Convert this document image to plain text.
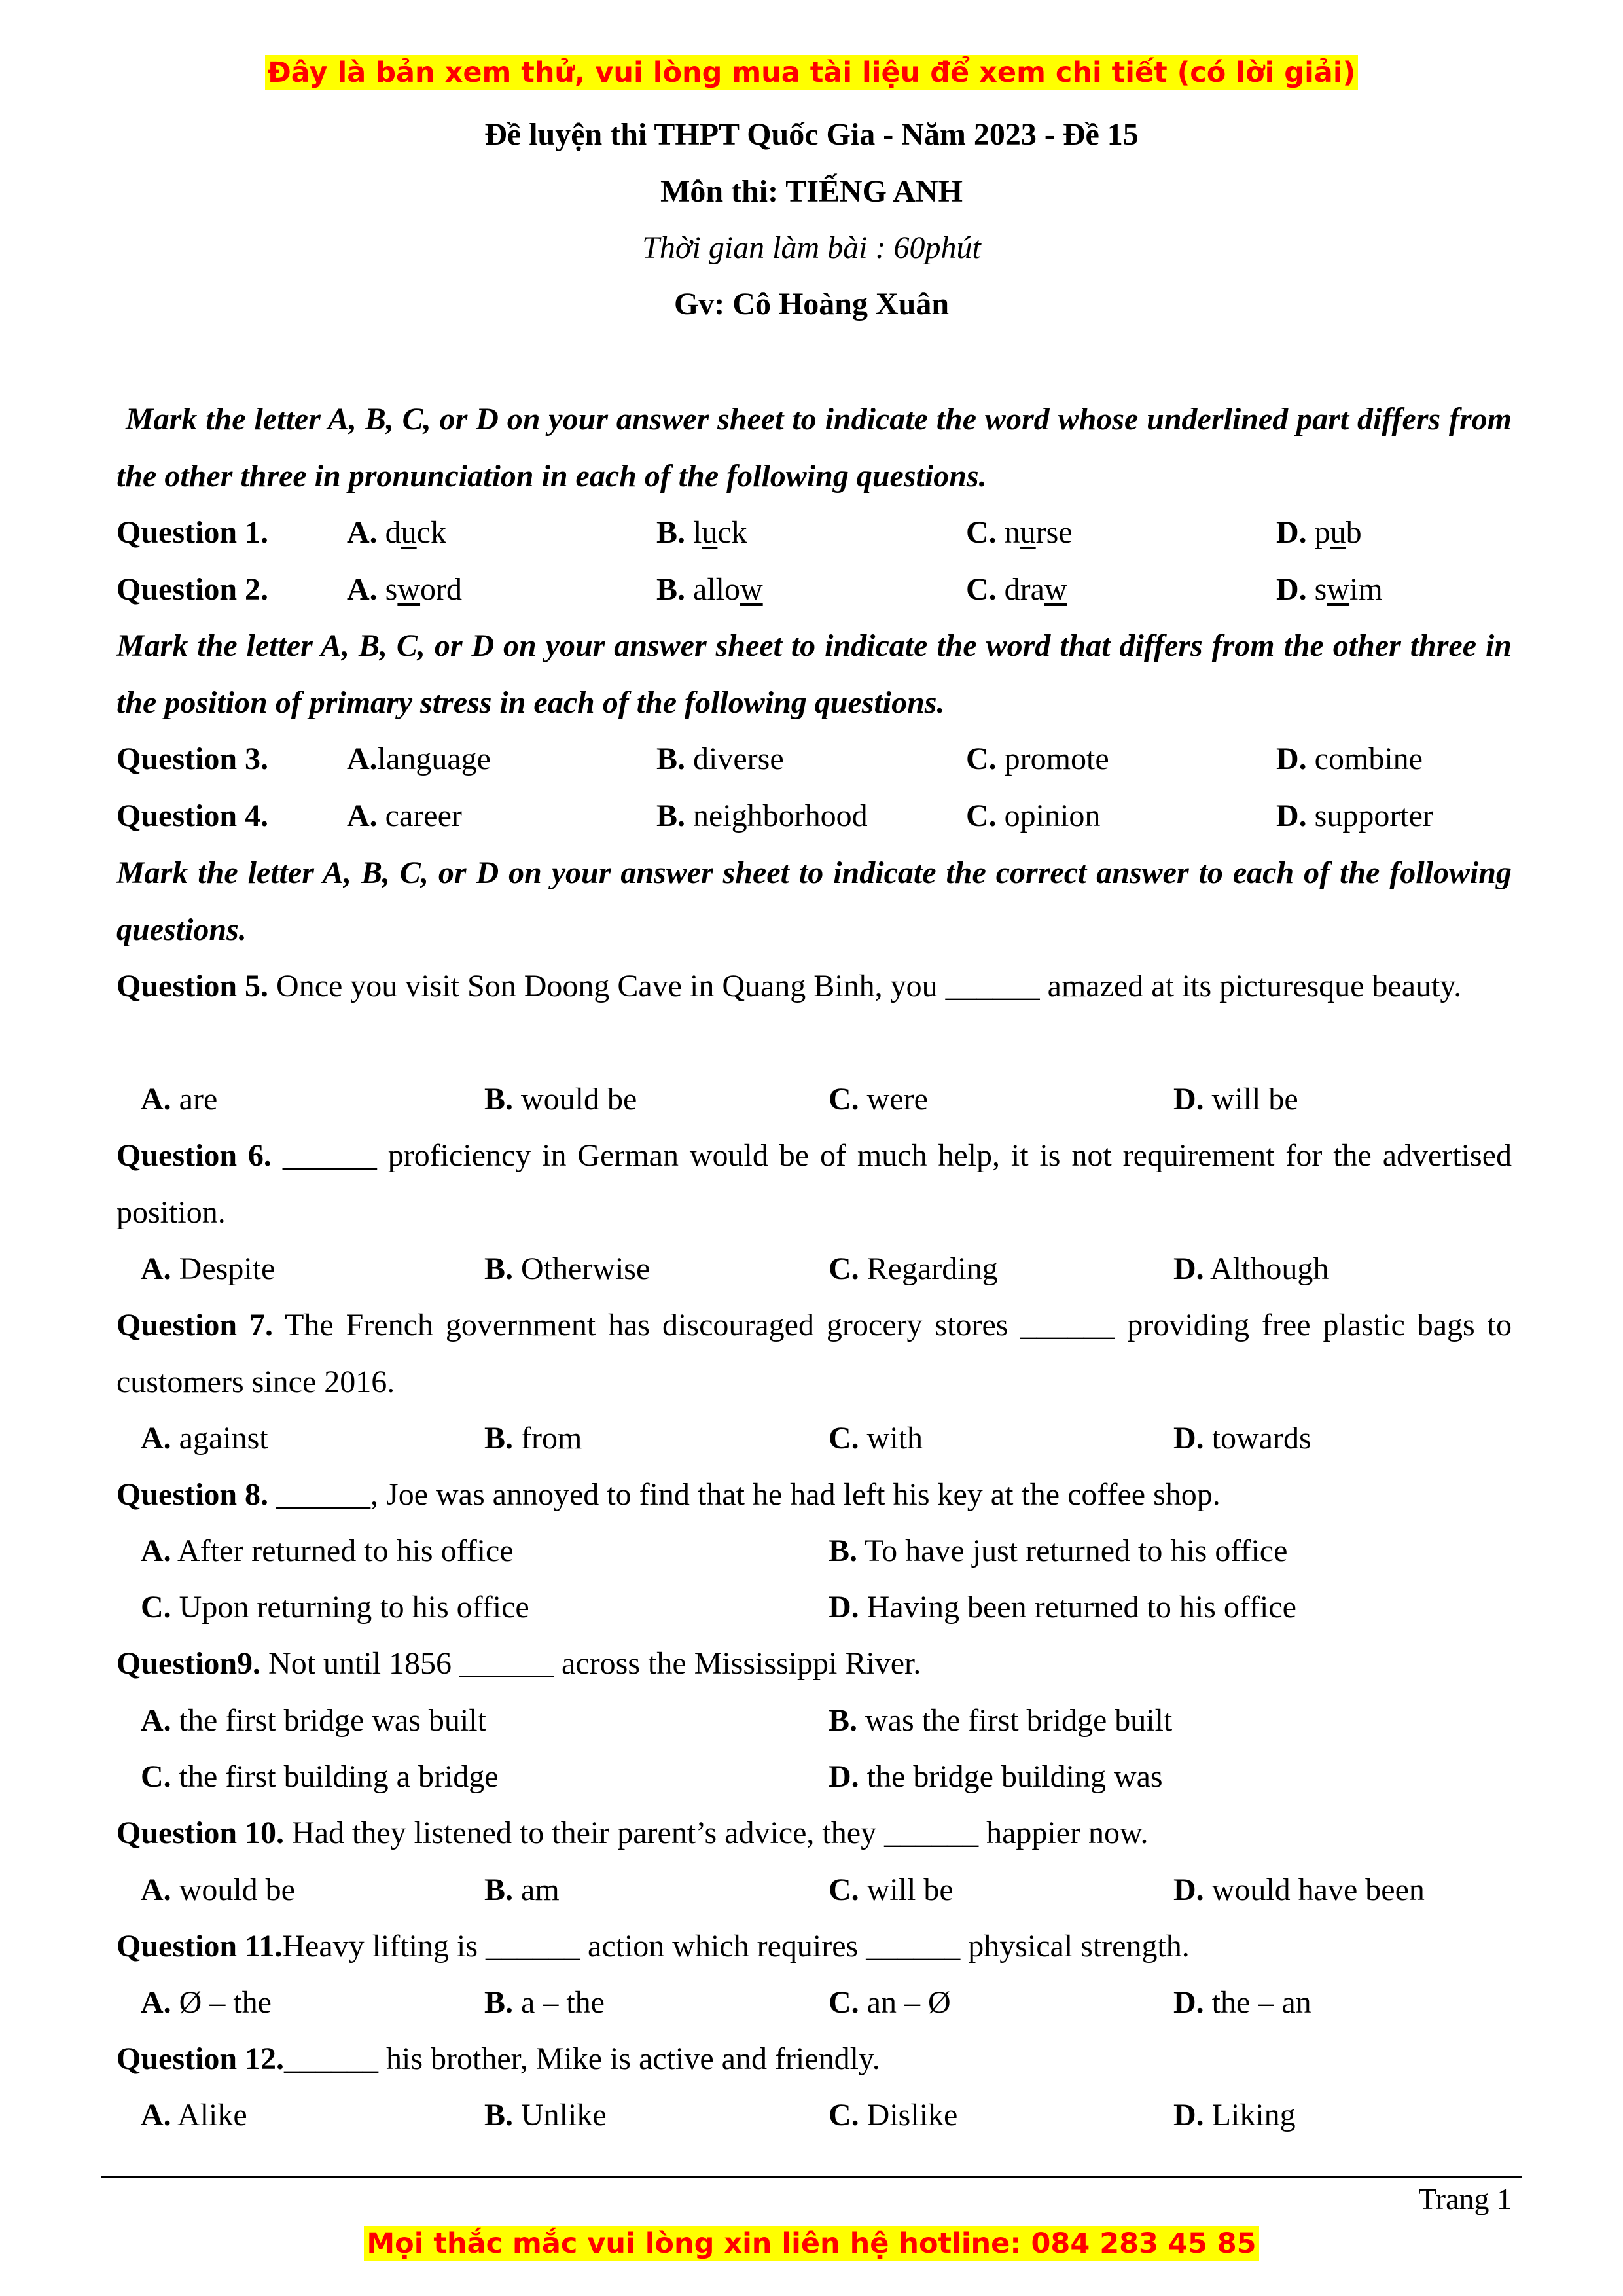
Đây là bản xem thử, vui lòng mua tài liệu để xem chi tiết (có lời giải)
Đề luyện thi THPT Quốc Gia - Năm 2023 - Đề 15
Môn thi: TIẾNG ANH
Thời gian làm bài : 60phút
Gv: Cô Hoàng Xuân
Mark the letter A, B, C, or D on your answer sheet to indicate the word whose underlined part differs from the other three in pronunciation in each of the following questions.
Question 1. A. duck	B. luck	C. nurse	D. pub
Question 2. A. sword	B. allow	C. draw	D. swim
Mark the letter A, B, C, or D on your answer sheet to indicate the word that differs from the other three in the position of primary stress in each of the following questions.
Question 3. A.language	B. diverse	C. promote	D. combine
Question 4. A. career	B. neighborhood	C. opinion	D. supporter
Mark the letter A, B, C, or D on your answer sheet to indicate the correct answer to each of the following questions.
Question 5. Once you visit Son Doong Cave in Quang Binh, you ______ amazed at its picturesque beauty.
A. are	B. would be	C. were	D. will be
Question 6. ______ proficiency in German would be of much help, it is not requirement for the advertised position.
A. Despite	B. Otherwise	C. Regarding	D. Although
Question 7. The French government has discouraged grocery stores ______ providing free plastic bags to customers since 2016.
A. against	B. from	C. with	D. towards
Question 8. ______, Joe was annoyed to find that he had left his key at the coffee shop.
A. After returned to his office	B. To have just returned to his office
C. Upon returning to his office	D. Having been returned to his office
Question9. Not until 1856 ______ across the Mississippi River.
A. the first bridge was built	B. was the first bridge built
C. the first building a bridge	D. the bridge building was
Question 10. Had they listened to their parent’s advice, they ______ happier now.
A. would be	B. am	C. will be	D. would have been
Question 11.Heavy lifting is ______ action which requires ______ physical strength.
A. Ø – the	B. a – the	C. an – Ø	D. the – an
Question 12.______ his brother, Mike is active and friendly.
A. Alike	B. Unlike	C. Dislike	D. Liking
Trang 1
Mọi thắc mắc vui lòng xin liên hệ hotline: 084 283 45 85
